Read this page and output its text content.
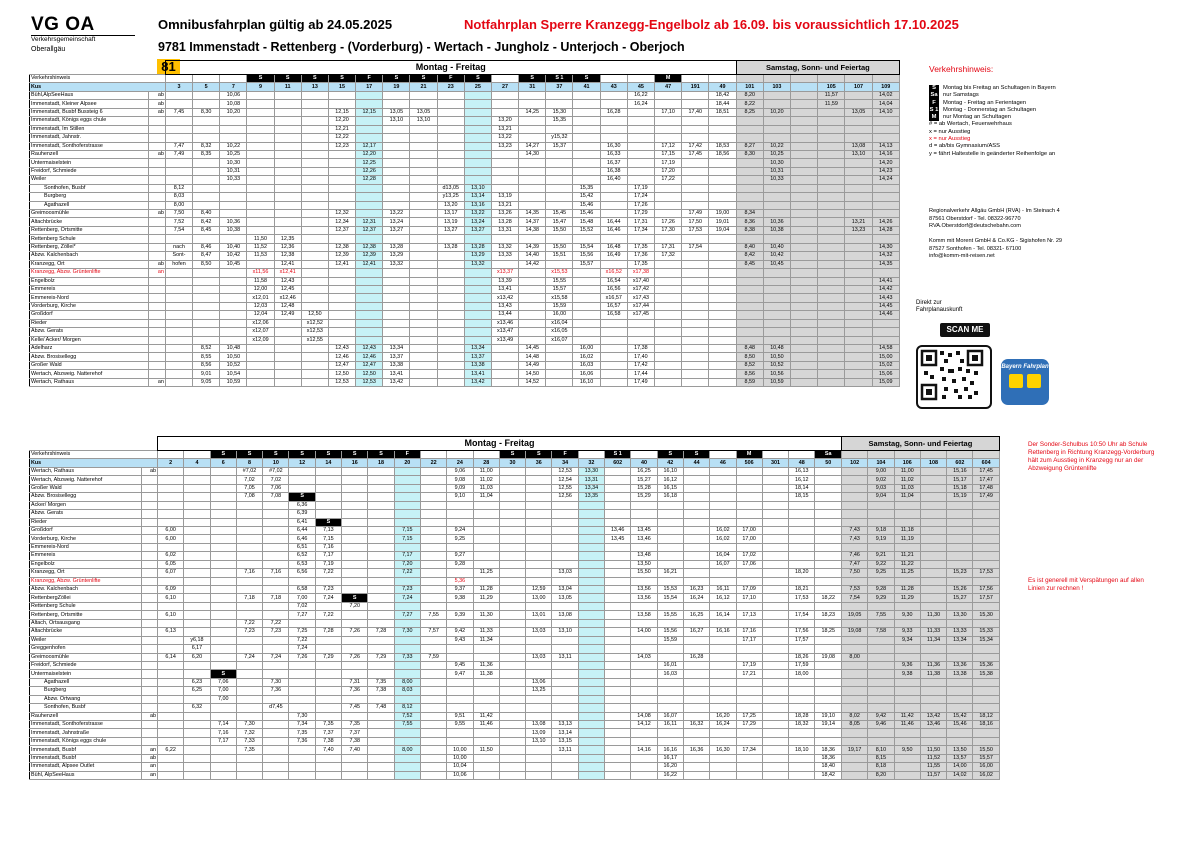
VG OA
Verkehrsgemeinschaft
Oberallgäu
Omnibusfahrplan gültig ab 24.05.2025	Notfahrplan Sperre Kranzegg-Engelbolz ab 16.09. bis voraussichtlich 17.10.2025
9781 Immenstadt - Rettenberg - (Vorderburg) - Wertach - Jungholz - Unterjoch - Oberjoch
81
		Montag - Freitag																					Samstag, Sonn- und Feiertag					
Verkehrshinweis					S	S	S	S	F	S	S	F	S		S	S 1	S			M								
Kus		3	5	7	9	11	13	15	17	19	21	23	25	27	31	37	41	43	45	47	191	49	101	103		105	107	109
Bühl,AlpSeeHaus	ab			10,06															16,22			18,42	8,20			11,57		14,02
Immenstadt, Kleiner Alpsee	ab			10,08															16,24			18,44	8,22			11,59		14,04
Immenstadt, Busbf Bussteig 6	ab	7,45	8,30	10,20				12,15	12,15	13,05	13,05				14,25	15,30		16,28		17,10	17,40	18,51	8,25	10,20			13,05	14,10
Immenstadt, Königs eggs chule								12,20		13,10	13,10			13,20		15,35												
Immenstadt, Im Stillen								12,21						13,21														
Immenstadt, Jahnstr.								12,22						13,22		y15,32												
Immenstadt, Sonthoferstrasse		7,47	8,32	10,22				12,23	12,17					13,23	14,27	15,37		16,30		17,12	17,42	18,53	8,27	10,22			13,08	14,13
Rauhenzell	ab	7,49	8,35	10,25					12,20						14,30			16,33		17,15	17,45	18,56	8,30	10,25			13,10	14,16
Untermaiselstein				10,30					12,25									16,37		17,19				10,30				14,20
Freidorf, Schmiede				10,31					12,26									16,38		17,20				10,31				14,23
Weiler				10,33					12,28									16,40		17,22				10,33				14,24
Sonthofen, Busbf		8,12										d13,05	13,10				15,35		17,19									
Burgberg		8,03										y13,25	13,14	13,19			15,42		17,24									
Agathazell		8,00										13,20	13,16	13,21			15,46		17,26									
Greimoosmühle	ab	7,50	8,40					12,32		13,22		13,17	13,22	13,26	14,35	15,45	15,46		17,29		17,49	19,00	8,34					
Altachbrücke		7,52	8,42	10,36				12,34	12,31	13,24		13,19	13,24	13,28	14,37	15,47	15,48	16,44	17,31	17,26	17,50	19,01	8,36	10,36			13,21	14,26
Rettenberg, Ortsmitte		7,54	8,45	10,38				12,37	12,37	13,27		13,27	13,27	13,31	14,38	15,50	15,52	16,46	17,34	17,30	17,53	19,04	8,38	10,38			13,23	14,28
Rettenberg Schule					11,50	12,35																						
Rettenberg, Zöllei*		nach	8,46	10,40	11,52	12,36		12,38	12,38	13,28		13,28	13,28	13,32	14,39	15,50	15,54	16,48	17,35	17,31	17,54		8,40	10,40				14,30
Abzw. Kalchenbach		Sont-	8,47	10,42	11,53	12,38		12,39	12,39	13,29			13,29	13,33	14,40	15,51	15,56	16,49	17,36	17,32			8,42	10,42				14,32
Kranzegg, Ort	ab	hofen	8,50	10,45		12,41		12,41	12,41	13,32			13,32		14,42		15,57		17,35				8,45	10,45				14,35
Kranzegg, Abzw. Grüntenlifte	an				x11,56	x12,41								x13,37		x15,53		x16,52	x17,38									
Engelbolz					11,58	12,43								13,39		15,55		16,54	x17,40									14,41
Emmereis					12,00	12,45								13,41		15,57		16,56	x17,42									14,42
Emmereis-Nord					x12,01	x12,46								x13,42		x15,58		x16,57	x17,43									14,43
Vorderburg, Kirche					12,03	12,48								13,43		15,59		16,57	x17,44									14,45
Großdorf					12,04	12,49	12,50							13,44		16,00		16,58	x17,45									14,46
Rieder					x12,06		x12,52							x13,46		x16,04												
Abzw. Gerats					x12,07		x12,53							x13,47		x16,05												
Kelle/ Acker/ Morgen					x12,09		x12,55							x13,49		x16,07												
Adelharz			8,52	10,48				12,43	12,43	13,34			13,34		14,45		16,00		17,38				8,48	10,48				14,58
Abzw. Brosisellegg			8,55	10,50				12,46	12,46	13,37			13,37		14,48		16,02		17,40				8,50	10,50				15,00
Großer Wald			8,56	10,52				12,47	12,47	13,38			13,38		14,49		16,03		17,42				8,52	10,52				15,02
Wertach, Abzweig. Natterehof			9,01	10,54				12,50	12,50	13,41			13,41		14,50		16,06		17,44				8,56	10,56				15,06
Wertach, Rathaus	an		9,05	10,59				12,53	12,53	13,42			13,42		14,52		16,10		17,49				8,59	10,59				15,09
		Montag - Freitag																										Samstag, Sonn- und Feiertag					
Verkehrshinweis				S	S	S	S	S	S	S	F				S	S	F		S 1		S	S		M			Sa						
Kus		2	4	6	8	10	12	14	16	18	20	22	24	28	30	36	34	32	602	40	42	44	46	506	301	48	50	102	104	106	108	602	604
Wertach, Rathaus	ab				#7,02	#7,02							9,06	11,00			12,53	13,30		16,25	16,10					16,13			9,00	11,00		15,16	17,45
Wertach, Abzweig. Natterehof					7,02	7,02							9,08	11,02			12,54	13,31		15,27	16,12					16,12			9,02	11,02		15,17	17,47
Großer Wald					7,05	7,06							9,09	11,03			12,55	13,34		15,28	16,15					18,14			9,03	11,03		15,18	17,48
Abzw. Brosisellegg					7,08	7,08	S						9,10	11,04			12,56	13,35		15,29	16,18					18,15			9,04	11,04		15,19	17,49
Acker/ Morgen							6,36																										
Abzw. Gerats							6,39																										
Rieder							6,41	S																									
Großdorf		6,00					6,44	7,13			7,15		9,24						13,46	13,45			16,02	17,00				7,43	9,18	11,18			
Vorderburg, Kirche		6,00					6,46	7,15			7,15		9,25						13,45	13,46			16,02	17,00				7,43	9,19	11,19			
Emmereis-Nord							6,51	7,16																									
Emmereis		6,02					6,52	7,17			7,17		9,27							13,48			16,04	17,02				7,46	9,21	11,21			
Engelbolz		6,05					6,53	7,19			7,20		9,28							13,50			16,07	17,06				7,47	9,22	11,22			
Kranzegg, Ort		6,07			7,16	7,16	6,56	7,22			7,22			11,25			13,03			15,50	16,21					18,20		7,50	9,25	11,25		15,23	17,53
Kranzegg, Abzw. Grüntenlifte													5,36																				
Abzw. Kalchenbach		6,09					6,58	7,23			7,23		9,37	11,28		12,59	13,04			13,56	15,53	16,23	16,11	17,09		18,21		7,53	9,28	11,28		15,26	17,56
RettenbergZöllei		6,10			7,18	7,18	7,00	7,24	S		7,24		9,38	11,29		13,00	13,05			13,56	15,54	16,24	16,12	17,10		17,53	18,22	7,54	9,29	11,29		15,27	17,57
Rettenberg Schule							7,02		7,20																								
Rettenberg, Ortsmitte		6,10					7,27	7,22			7,27	7,55	9,39	11,30		13,01	13,08			13,58	15,55	16,25	16,14	17,13		17,54	18,23	19,05	7,55	9,30	11,30	13,30	15,30
Altach, Ortsausgang					7,22	7,22																											
Altachbrücke		6,13			7,23	7,23	7,25	7,28	7,26	7,28	7,30	7,57	9,42	11,33		13,03	13,10			14,00	15,56	16,27	16,16	17,16		17,56	18,25	19,08	7,58	9,33	11,33	13,33	15,33
Weiler			y6,18				7,22						9,43	11,34							15,59			17,17		17,57				9,34	11,34	13,34	15,34
Greggenhofen			6,17				7,24																										
Greimoosmühle		6,14	6,20		7,24	7,24	7,26	7,29	7,26	7,29	7,33	7,59				13,03	13,11			14,03		16,28				18,26	19,08	8,00					
Freidorf, Schmiede													9,45	11,36							16,01			17,19		17,59				9,36	11,36	13,36	15,36
Untermaiselstein				S									9,47	11,38							16,03			17,21		18,00				9,38	11,38	13,38	15,38
Agathazell			6,23	7,06		7,30			7,31	7,35	8,00					13,06																	
Burgberg			6,25	7,00		7,36			7,36	7,38	8,03					13,25																	
Abzw. Ortwang				7,00																													
Sonthofen, Busbf			6,32			d7,45			7,45	7,48	8,12																						
Rauhenzell	ab						7,30				7,52		9,51	11,42						14,08	16,07		16,20	17,25		18,28	19,10	8,02	9,42	11,42	13,42	15,42	18,12
Immenstadt, Sonthoferstrasse				7,14	7,30		7,34	7,35	7,35		7,55		9,55	11,46		13,08	13,13			14,12	16,11	16,32	16,24	17,29		18,32	19,14	8,05	9,46	11,46	13,46	15,46	18,16
Immenstadt, Jahnstraße				7,16	7,32		7,35	7,37	7,37							13,09	13,14																
Immenstadt, Königs eggs chule				7,17	7,33		7,36	7,38	7,38							13,10	13,15																
Immenstadt, Busbf	an	6,22			7,35			7,40	7,40		8,00		10,00	11,50			13,11			14,16	16,16	16,36	16,30	17,34		18,10	18,36	19,17	8,10	9,50	11,50	13,50	15,50
Immenstadt, Busbf	ab												10,00								16,17						18,36		8,15		11,52	13,57	15,57
Immenstadt, Alpsee Outlet	an												10,04								16,20						18,40		8,18		11,55	14,00	16,00
Bühl, AlpSeeHaus	an												10,06								16,22						18,42		8,20		11,57	14,02	16,02
Verkehrshinweis:
S Montag bis Freitag an Schultagen in Bayern
Sa nur Samstags
F Montag - Freitag an Ferientagen
S 1 Montag - Donnerstag an Schultagen
M nur Montag an Schultagen
# = ab Wertach, Feuerwehrhaus
x = nur Ausstieg
x = nur Ausstieg
d = ab/bis Gymnasium/ASS
y = fährt Haltestelle in geänderter Reihenfolge an
Regionalverkehr Allgäu GmbH (RVA) - Im Steinach 4
87561 Oberstdorf - Tel. 08322-96770
RVA.Oberstdorf@deutschebahn.com

Komm mit Morent GmbH & Co.KG - Sigishofen Nr. 29
87527 Sonthofen - Tel. 08321- 67100
info@komm-mit-reisen.net
Direkt zur Fahrplanauskunft
SCAN ME
Bayern Fahrplan
Der Sonder-Schulbus 10:50 Uhr ab Schule Rettenberg in Richtung Kranzegg-Vorderburg hält zum Ausstieg in Kranzegg nur an der Abzweigung Grüntenlifte
Es ist generell mit Verspätungen auf allen Linien zur rechnen !
